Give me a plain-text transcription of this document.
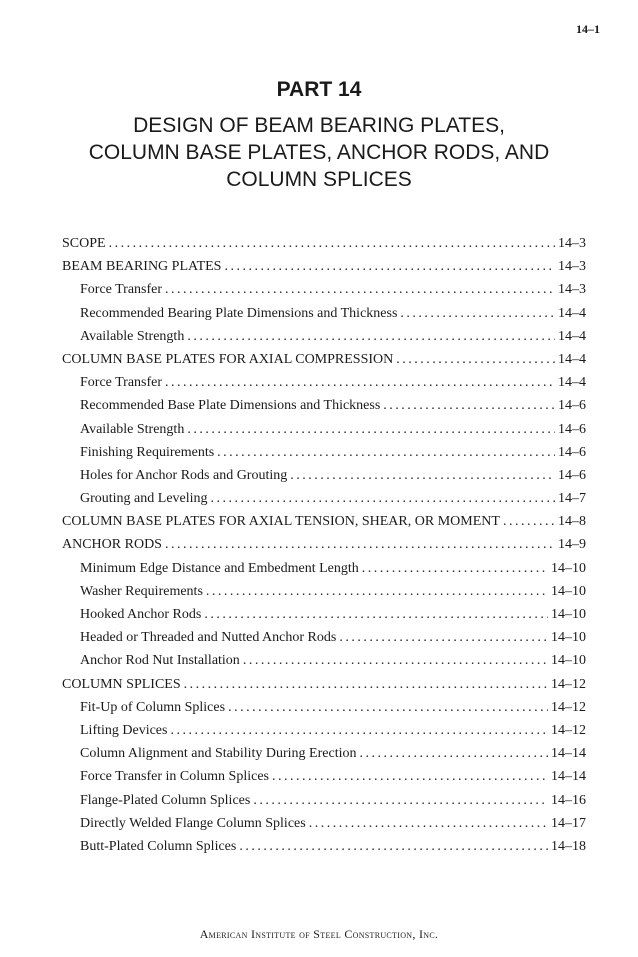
14–1
PART 14
DESIGN OF BEAM BEARING PLATES,
COLUMN BASE PLATES, ANCHOR RODS, AND
COLUMN SPLICES
SCOPE . . .	14–3
BEAM BEARING PLATES . . .	14–3
Force Transfer . . .	14–3
Recommended Bearing Plate Dimensions and Thickness . . .	14–4
Available Strength . . .	14–4
COLUMN BASE PLATES FOR AXIAL COMPRESSION . . .	14–4
Force Transfer . . .	14–4
Recommended Base Plate Dimensions and Thickness . . .	14–6
Available Strength . . .	14–6
Finishing Requirements . . .	14–6
Holes for Anchor Rods and Grouting . . .	14–6
Grouting and Leveling . . .	14–7
COLUMN BASE PLATES FOR AXIAL TENSION, SHEAR, OR MOMENT . . .	14–8
ANCHOR RODS . . .	14–9
Minimum Edge Distance and Embedment Length . . .	14–10
Washer Requirements . . .	14–10
Hooked Anchor Rods . . .	14–10
Headed or Threaded and Nutted Anchor Rods . . .	14–10
Anchor Rod Nut Installation . . .	14–10
COLUMN SPLICES . . .	14–12
Fit-Up of Column Splices . . .	14–12
Lifting Devices . . .	14–12
Column Alignment and Stability During Erection . . .	14–14
Force Transfer in Column Splices . . .	14–14
Flange-Plated Column Splices . . .	14–16
Directly Welded Flange Column Splices . . .	14–17
Butt-Plated Column Splices . . .	14–18
American Institute of Steel Construction, Inc.
